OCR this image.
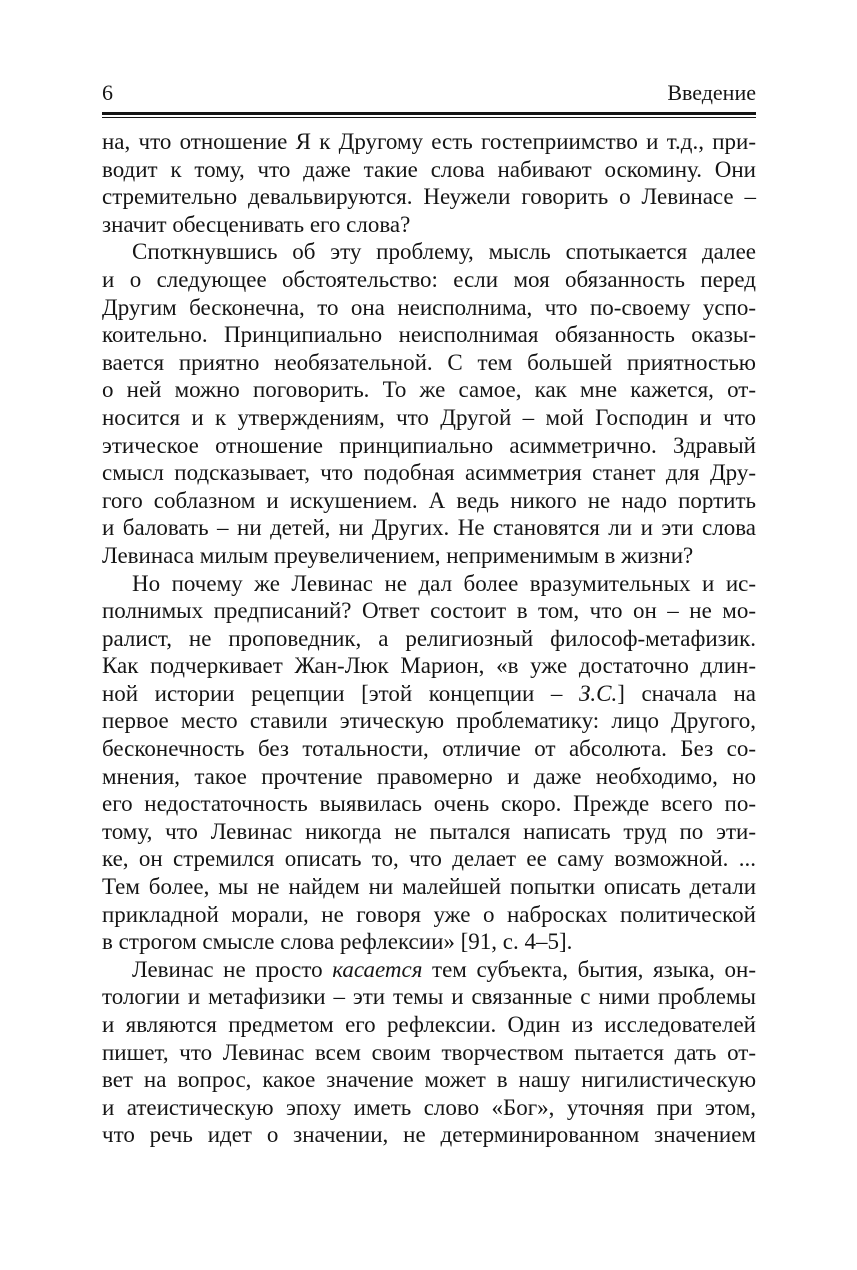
6	Введение

на, что отношение Я к Другому есть гостеприимство и т.д., при-
водит к тому, что даже такие слова набивают оскомину. Они
стремительно девальвируются. Неужели говорить о Левинасе –
значит обесценивать его слова?

Споткнувшись об эту проблему, мысль спотыкается далее
и о следующее обстоятельство: если моя обязанность перед
Другим бесконечна, то она неисполнима, что по-своему успо-
коительно. Принципиально неисполнимая обязанность оказы-
вается приятно необязательной. С тем большей приятностью
о ней можно поговорить. То же самое, как мне кажется, от-
носится и к утверждениям, что Другой – мой Господин и что
этическое отношение принципиально асимметрично. Здравый
смысл подсказывает, что подобная асимметрия станет для Дру-
гого соблазном и искушением. А ведь никого не надо портить
и баловать – ни детей, ни Других. Не становятся ли и эти слова
Левинаса милым преувеличением, неприменимым в жизни?

Но почему же Левинас не дал более вразумительных и ис-
полнимых предписаний? Ответ состоит в том, что он – не мо-
ралист, не проповедник, а религиозный философ-метафизик.
Как подчеркивает Жан-Люк Марион, «в уже достаточно длин-
ной истории рецепции [этой концепции – З.С.] сначала на
первое место ставили этическую проблематику: лицо Другого,
бесконечность без тотальности, отличие от абсолюта. Без со-
мнения, такое прочтение правомерно и даже необходимо, но
его недостаточность выявилась очень скоро. Прежде всего по-
тому, что Левинас никогда не пытался написать труд по эти-
ке, он стремился описать то, что делает ее саму возможной. ...
Тем более, мы не найдем ни малейшей попытки описать детали
прикладной морали, не говоря уже о набросках политической
в строгом смысле слова рефлексии» [91, с. 4–5].

Левинас не просто касается тем субъекта, бытия, языка, он-
тологии и метафизики – эти темы и связанные с ними проблемы
и являются предметом его рефлексии. Один из исследователей
пишет, что Левинас всем своим творчеством пытается дать от-
вет на вопрос, какое значение может в нашу нигилистическую
и атеистическую эпоху иметь слово «Бог», уточняя при этом,
что речь идет о значении, не детерминированном значением
